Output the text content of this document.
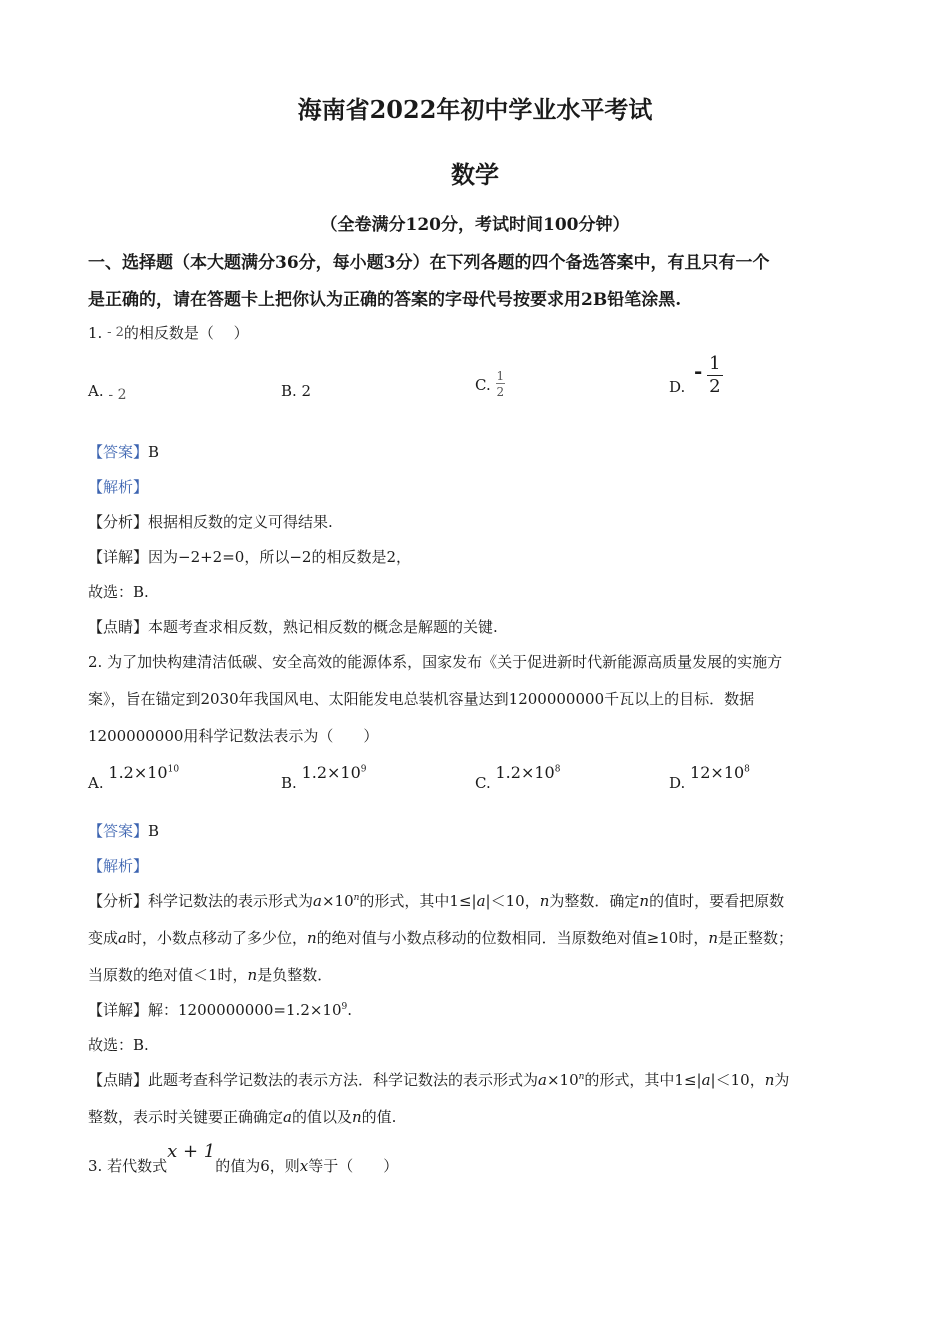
海南省2022年初中学业水平考试
数学
（全卷满分120分，考试时间100分钟）
一、选择题（本大题满分36分，每小题3分）在下列各题的四个备选答案中，有且只有一个
是正确的，请在答题卡上把你认为正确的答案的字母代号按要求用2B铅笔涂黑.
1. - 2的相反数是（　 ）
A. - 2	B. 2	C. $\frac{1}{2}$	D. - $\frac{1}{2}$
【答案】B
【解析】
【分析】根据相反数的定义可得结果.
【详解】因为−2+2=0，所以−2的相反数是2，
故选：B.
【点睛】本题考查求相反数，熟记相反数的概念是解题的关键.
2. 为了加快构建清洁低碳、安全高效的能源体系，国家发布《关于促进新时代新能源高质量发展的实施方
案》，旨在锚定到2030年我国风电、太阳能发电总装机容量达到1200000000千瓦以上的目标．数据
1200000000用科学记数法表示为（　　）
A. $1.2\times 10^{10}$
B. $1.2\times 10^9$
C. $1.2\times 10^8$
D. $12\times 10^8$
【答案】B
【解析】
【分析】科学记数法的表示形式为$a\times 10^n$的形式，其中1≤|a|＜10，n为整数．确定n的值时，要看把原数
变成a时，小数点移动了多少位，n的绝对值与小数点移动的位数相同．当原数绝对值≥10时，n是正整数；
当原数的绝对值＜1时，n是负整数．
【详解】解：$1200000000=1.2\times 10^9$.
故选：B.
【点睛】此题考查科学记数法的表示方法．科学记数法的表示形式为$a\times 10^n$的形式，其中1≤|a|＜10，n为
整数，表示时关键要正确确定a的值以及n的值.
3. 若代数式x + 1的值为6，则x等于（　　）
